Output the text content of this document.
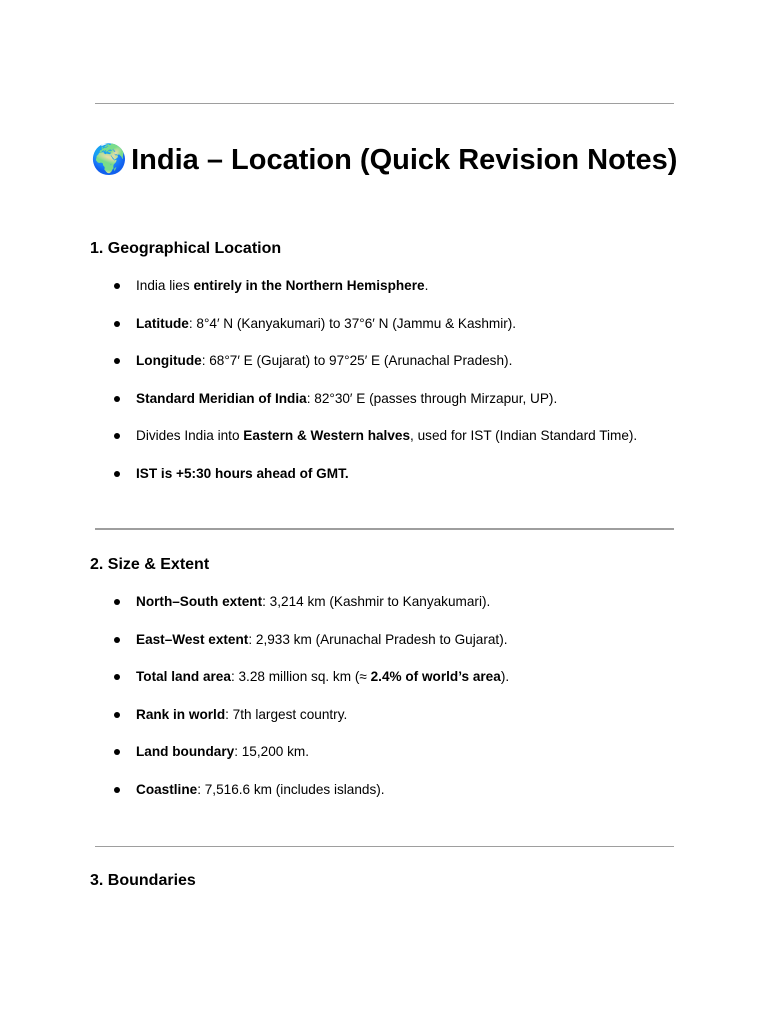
🌍 India – Location (Quick Revision Notes)
1. Geographical Location
India lies entirely in the Northern Hemisphere.
Latitude: 8°4′ N (Kanyakumari) to 37°6′ N (Jammu & Kashmir).
Longitude: 68°7′ E (Gujarat) to 97°25′ E (Arunachal Pradesh).
Standard Meridian of India: 82°30′ E (passes through Mirzapur, UP).
Divides India into Eastern & Western halves, used for IST (Indian Standard Time).
IST is +5:30 hours ahead of GMT.
2. Size & Extent
North–South extent: 3,214 km (Kashmir to Kanyakumari).
East–West extent: 2,933 km (Arunachal Pradesh to Gujarat).
Total land area: 3.28 million sq. km (≈ 2.4% of world’s area).
Rank in world: 7th largest country.
Land boundary: 15,200 km.
Coastline: 7,516.6 km (includes islands).
3. Boundaries
